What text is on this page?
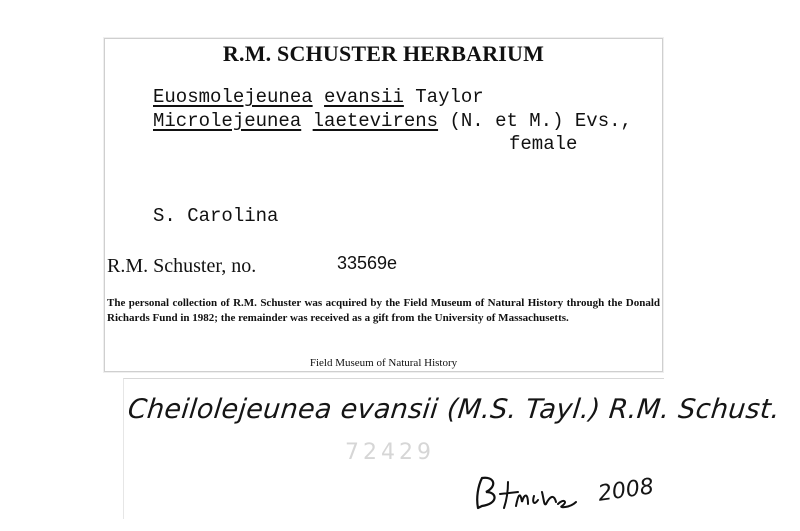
R.M. SCHUSTER HERBARIUM
Euosmolejeunea evansii Taylor
Microlejeunea laetevirens (N. et M.) Evs.,
female
S. Carolina
R.M. Schuster, no.	33569e
The personal collection of R.M. Schuster was acquired by the Field Museum of Natural History through the Donald Richards Fund in 1982; the remainder was received as a gift from the University of Massachusetts.
Field Museum of Natural History
Cheilolejeunea evansii (M.S. Tayl.) R.M. Schust.
72429
2008
